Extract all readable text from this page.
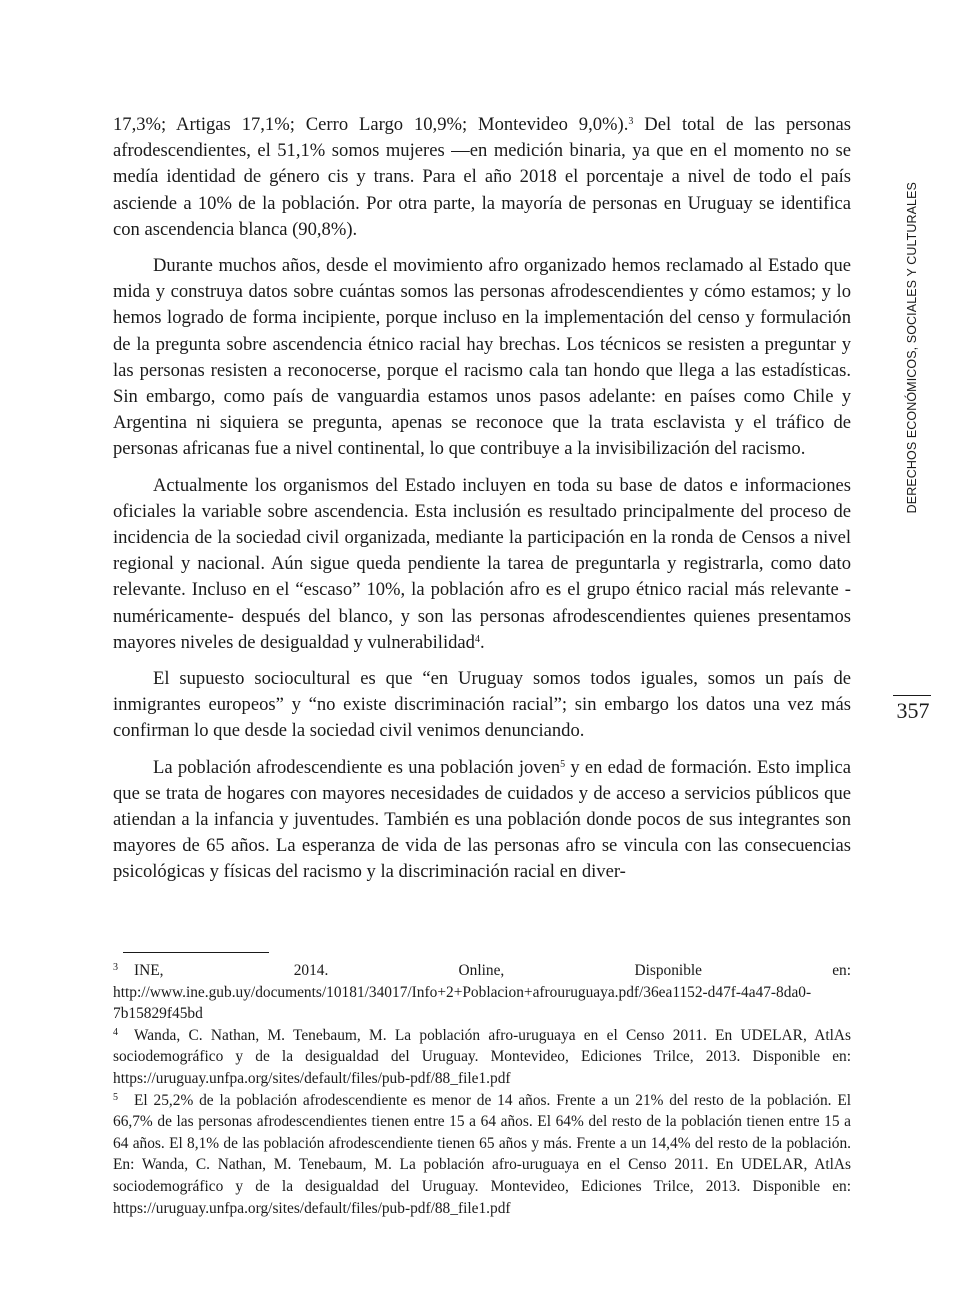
17,3%; Artigas 17,1%; Cerro Largo 10,9%; Montevideo 9,0%).$^3$ Del total de las personas afrodescendientes, el 51,1% somos mujeres —en medición binaria, ya que en el momento no se medía identidad de género cis y trans. Para el año 2018 el porcentaje a nivel de todo el país asciende a 10% de la población. Por otra parte, la mayoría de personas en Uruguay se identifica con ascendencia blanca (90,8%).

Durante muchos años, desde el movimiento afro organizado hemos reclamado al Estado que mida y construya datos sobre cuántas somos las personas afrodescendientes y cómo estamos; y lo hemos logrado de forma incipiente, porque incluso en la implementación del censo y formulación de la pregunta sobre ascendencia étnico racial hay brechas. Los técnicos se resisten a preguntar y las personas resisten a reconocerse, porque el racismo cala tan hondo que llega a las estadísticas. Sin embargo, como país de vanguardia estamos unos pasos adelante: en países como Chile y Argentina ni siquiera se pregunta, apenas se reconoce que la trata esclavista y el tráfico de personas africanas fue a nivel continental, lo que contribuye a la invisibilización del racismo.

Actualmente los organismos del Estado incluyen en toda su base de datos e informaciones oficiales la variable sobre ascendencia. Esta inclusión es resultado principalmente del proceso de incidencia de la sociedad civil organizada, mediante la participación en la ronda de Censos a nivel regional y nacional. Aún sigue queda pendiente la tarea de preguntarla y registrarla, como dato relevante. Incluso en el “escaso” 10%, la población afro es el grupo étnico racial más relevante -numéricamente- después del blanco, y son las personas afrodescendientes quienes presentamos mayores niveles de desigualdad y vulnerabilidad$^4$.

El supuesto sociocultural es que “en Uruguay somos todos iguales, somos un país de inmigrantes europeos” y “no existe discriminación racial”; sin embargo los datos una vez más confirman lo que desde la sociedad civil venimos denunciando.

La población afrodescendiente es una población joven$^5$ y en edad de formación. Esto implica que se trata de hogares con mayores necesidades de cuidados y de acceso a servicios públicos que atiendan a la infancia y juventudes. También es una población donde pocos de sus integrantes son mayores de 65 años. La esperanza de vida de las personas afro se vincula con las consecuencias psicológicas y físicas del racismo y la discriminación racial en diver-

$^3$ INE, 2014. Online, Disponible en: http://www.ine.gub.uy/documents/10181/34017/Info+2+Poblacion+afrouruguaya.pdf/36ea1152-d47f-4a47-8da0-7b15829f45bd

$^4$ Wanda, C. Nathan, M. Tenebaum, M. La población afro-uruguaya en el Censo 2011. En UDELAR, AtlAs sociodemográfico y de la desigualdad del Uruguay. Montevideo, Ediciones Trilce, 2013. Disponible en: https://uruguay.unfpa.org/sites/default/files/pub-pdf/88_file1.pdf

$^5$ El 25,2% de la población afrodescendiente es menor de 14 años. Frente a un 21% del resto de la población. El 66,7% de las personas afrodescendientes tienen entre 15 a 64 años. El 64% del resto de la población tienen entre 15 a 64 años. El 8,1% de las población afrodescendiente tienen 65 años y más. Frente a un 14,4% del resto de la población. En: Wanda, C. Nathan, M. Tenebaum, M. La población afro-uruguaya en el Censo 2011. En UDELAR, AtlAs sociodemográfico y de la desigualdad del Uruguay. Montevideo, Ediciones Trilce, 2013. Disponible en: https://uruguay.unfpa.org/sites/default/files/pub-pdf/88_file1.pdf

DERECHOS ECONÓMICOS, SOCIALES Y CULTURALES
357
